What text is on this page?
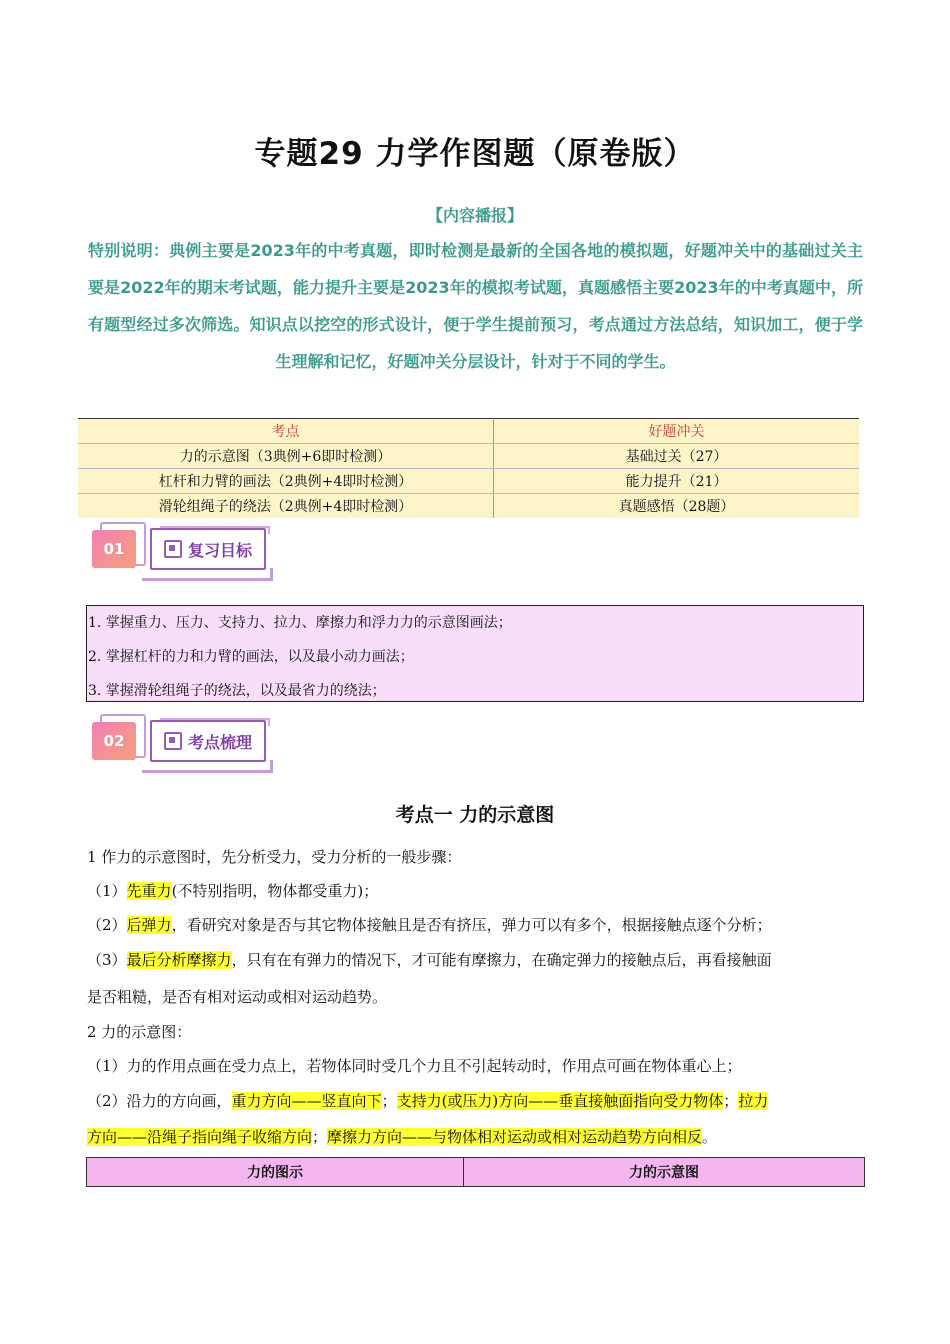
专题29 力学作图题（原卷版）
【内容播报】
特别说明：典例主要是2023年的中考真题，即时检测是最新的全国各地的模拟题，好题冲关中的基础过关主要是2022年的期末考试题，能力提升主要是2023年的模拟考试题，真题感悟主要2023年的中考真题中，所有题型经过多次筛选。知识点以挖空的形式设计，便于学生提前预习，考点通过方法总结，知识加工，便于学生理解和记忆，好题冲关分层设计，针对于不同的学生。
考点	好题冲关
力的示意图（3典例+6即时检测）	基础过关（27）
杠杆和力臂的画法（2典例+4即时检测）	能力提升（21）
滑轮组绳子的绕法（2典例+4即时检测）	真题感悟（28题）
01	复习目标
1. 掌握重力、压力、支持力、拉力、摩擦力和浮力力的示意图画法；
2. 掌握杠杆的力和力臂的画法，以及最小动力画法；
3. 掌握滑轮组绳子的绕法，以及最省力的绕法；
02	考点梳理
考点一 力的示意图
1 作力的示意图时，先分析受力，受力分析的一般步骤：
（1）先重力(不特别指明，物体都受重力)；
（2）后弹力，看研究对象是否与其它物体接触且是否有挤压，弹力可以有多个，根据接触点逐个分析；
（3）最后分析摩擦力，只有在有弹力的情况下，才可能有摩擦力，在确定弹力的接触点后，再看接触面
是否粗糙，是否有相对运动或相对运动趋势。
2 力的示意图：
（1）力的作用点画在受力点上，若物体同时受几个力且不引起转动时，作用点可画在物体重心上；
（2）沿力的方向画，重力方向——竖直向下；支持力(或压力)方向——垂直接触面指向受力物体；拉力
方向——沿绳子指向绳子收缩方向；摩擦力方向——与物体相对运动或相对运动趋势方向相反。
力的图示	力的示意图
